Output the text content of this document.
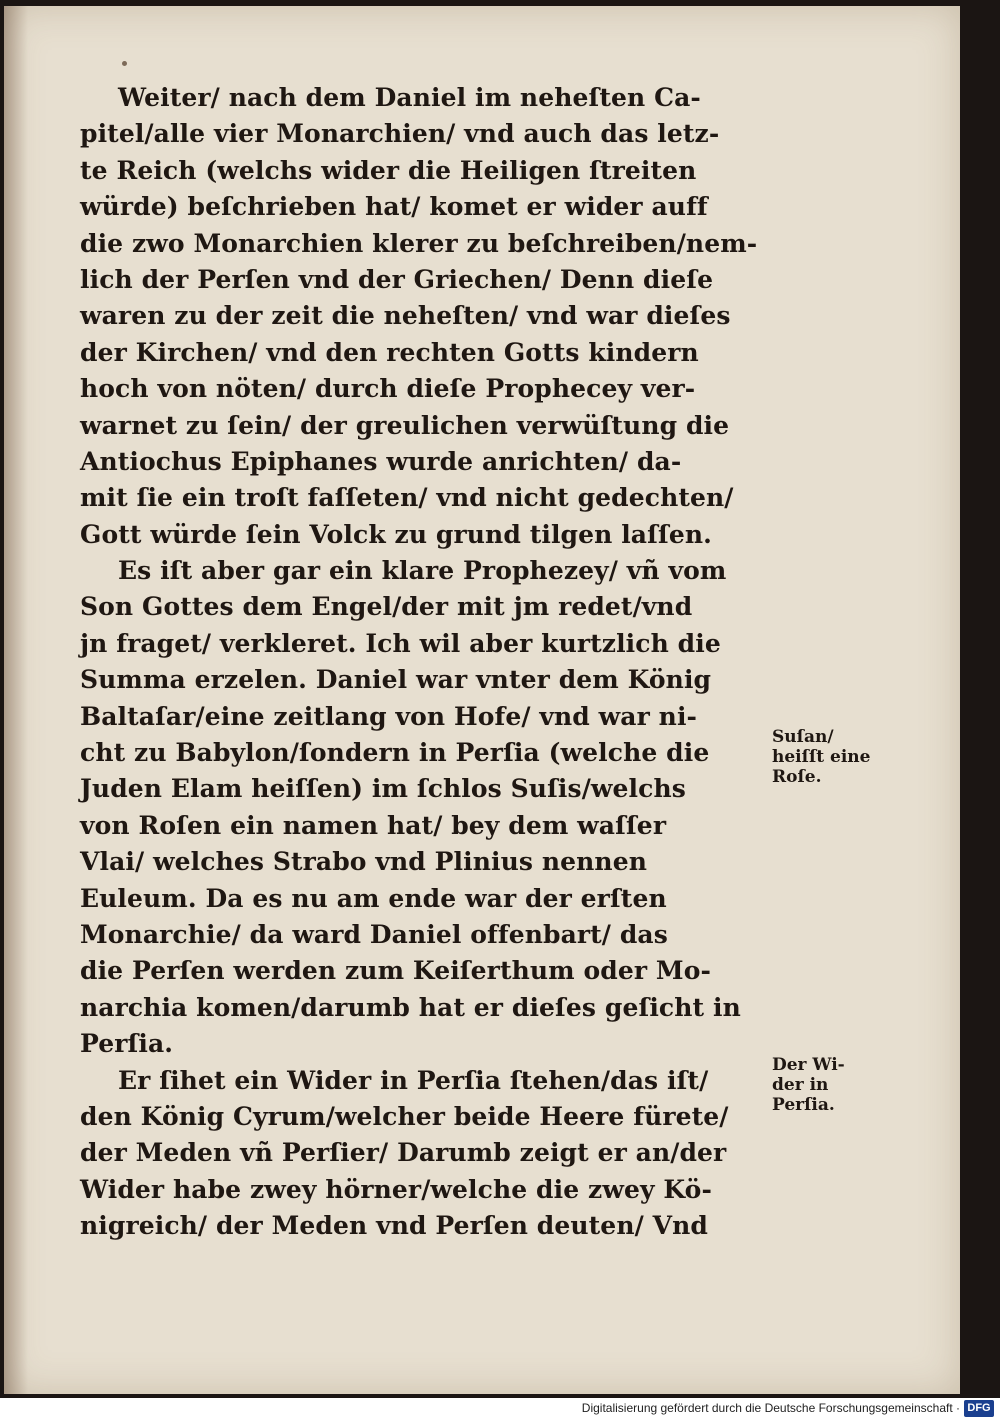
Weiter/ nach dem Daniel im neheſten Ca-
pitel/alle vier Monarchien/ vnd auch das letz-
te Reich (welchs wider die Heiligen ſtreiten
würde) beſchrieben hat/ komet er wider auff
die zwo Monarchien klerer zu beſchreiben/nem-
lich der Perſen vnd der Griechen/ Denn dieſe
waren zu der zeit die neheſten/ vnd war dieſes
der Kirchen/ vnd den rechten Gotts kindern
hoch von nöten/ durch dieſe Prophecey ver-
warnet zu ſein/ der greulichen verwüſtung die
Antiochus Epiphanes wurde anrichten/ da-
mit ſie ein troſt faſſeten/ vnd nicht gedechten/
Gott würde ſein Volck zu grund tilgen laſſen.
Es iſt aber gar ein klare Prophezey/ vñ vom
Son Gottes dem Engel/der mit jm redet/vnd
jn fraget/ verkleret. Ich wil aber kurtzlich die
Summa erzelen. Daniel war vnter dem König
Baltaſar/eine zeitlang von Hofe/ vnd war ni-
cht zu Babylon/ſondern in Perſia (welche die
Juden Elam heiſſen) im ſchlos Suſis/welchs
von Roſen ein namen hat/ bey dem waſſer
Vlai/ welches Strabo vnd Plinius nennen
Euleum. Da es nu am ende war der erſten
Monarchie/ da ward Daniel offenbart/ das
die Perſen werden zum Keiſerthum oder Mo-
narchia komen/darumb hat er dieſes geſicht in
Perſia.
Er ſihet ein Wider in Perſia ſtehen/das iſt/
den König Cyrum/welcher beide Heere fürete/
der Meden vñ Perſier/ Darumb zeigt er an/der
Wider habe zwey hörner/welche die zwey Kö-
nigreich/ der Meden vnd Perſen deuten/ Vnd
Suſan/
heiſſt eine
Roſe.
Der Wi-
der in
Perſia.
Digitalisierung gefördert durch die Deutsche Forschungsgemeinschaft · DFG
